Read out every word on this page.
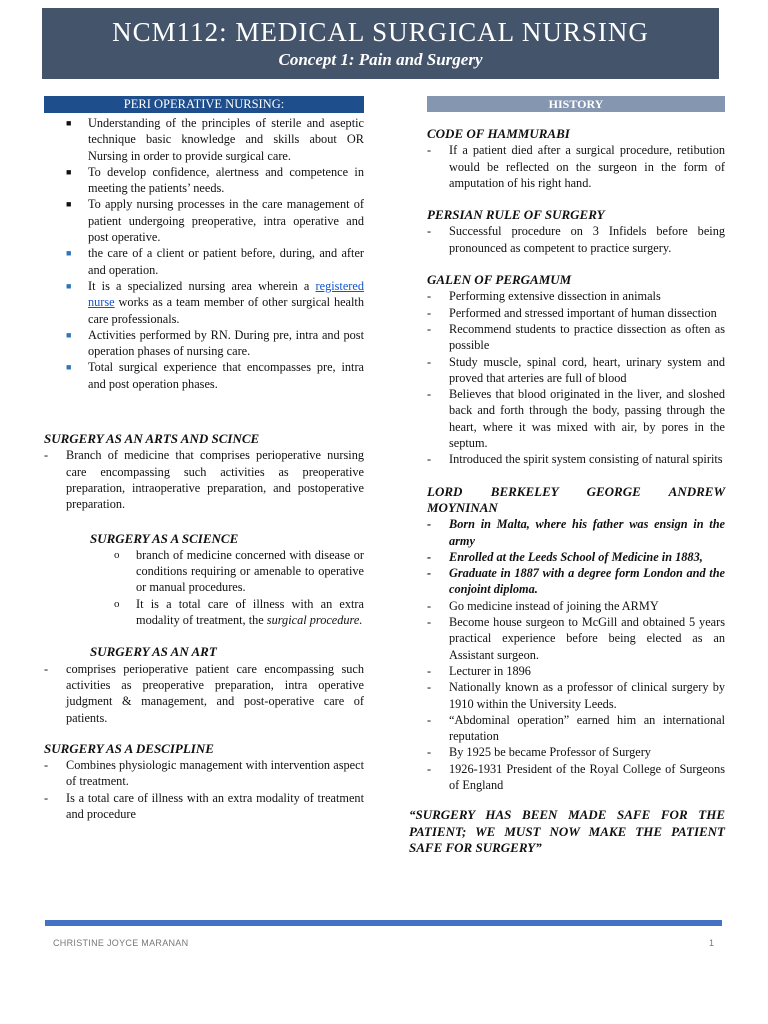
NCM112: MEDICAL SURGICAL NURSING
Concept 1: Pain and Surgery
PERI OPERATIVE NURSING:
■ Understanding of the principles of sterile and aseptic technique basic knowledge and skills about OR Nursing in order to provide surgical care.
■ To develop confidence, alertness and competence in meeting the patients’ needs.
■ To apply nursing processes in the care management of patient undergoing preoperative, intra operative and post operative.
■ the care of a client or patient before, during, and after and operation.
■ It is a specialized nursing area wherein a registered nurse works as a team member of other surgical health care professionals.
■ Activities performed by RN. During pre, intra and post operation phases of nursing care.
■ Total surgical experience that encompasses pre, intra and post operation phases.
SURGERY AS AN ARTS AND SCINCE
- Branch of medicine that comprises perioperative nursing care encompassing such activities as preoperative preparation, intraoperative preparation, and postoperative preparation.
SURGERY AS A SCIENCE
o branch of medicine concerned with disease or conditions requiring or amenable to operative or manual procedures.
o It is a total care of illness with an extra modality of treatment, the surgical procedure.
SURGERY AS AN ART
- comprises perioperative patient care encompassing such activities as preoperative preparation, intra operative judgment & management, and post-operative care of patients.
SURGERY AS A DESCIPLINE
- Combines physiologic management with intervention aspect of treatment.
- Is a total care of illness with an extra modality of treatment and procedure
HISTORY
CODE OF HAMMURABI
- If a patient died after a surgical procedure, retibution would be reflected on the surgeon in the form of amputation of his right hand.
PERSIAN RULE OF SURGERY
- Successful procedure on 3 Infidels before being pronounced as competent to practice surgery.
GALEN OF PERGAMUM
- Performing extensive dissection in animals
- Performed and stressed important of human dissection
- Recommend students to practice dissection as often as possible
- Study muscle, spinal cord, heart, urinary system and proved that arteries are full of blood
- Believes that blood originated in the liver, and sloshed back and forth through the body, passing through the heart, where it was mixed with air, by pores in the septum.
- Introduced the spirit system consisting of natural spirits
LORD BERKELEY GEORGE ANDREW
MOYNINAN
- Born in Malta, where his father was ensign in the army
- Enrolled at the Leeds School of Medicine in 1883,
- Graduate in 1887 with a degree form London and the conjoint diploma.
- Go medicine instead of joining the ARMY
- Become house surgeon to McGill and obtained 5 years practical experience before being elected as an Assistant surgeon.
- Lecturer in 1896
- Nationally known as a professor of clinical surgery by 1910 within the University Leeds.
- “Abdominal operation” earned him an international reputation
- By 1925 be became Professor of Surgery
- 1926-1931 President of the Royal College of Surgeons of England
“SURGERY HAS BEEN MADE SAFE FOR THE PATIENT; WE MUST NOW MAKE THE PATIENT SAFE FOR SURGERY”
CHRISTINE JOYCE MARANAN	1
